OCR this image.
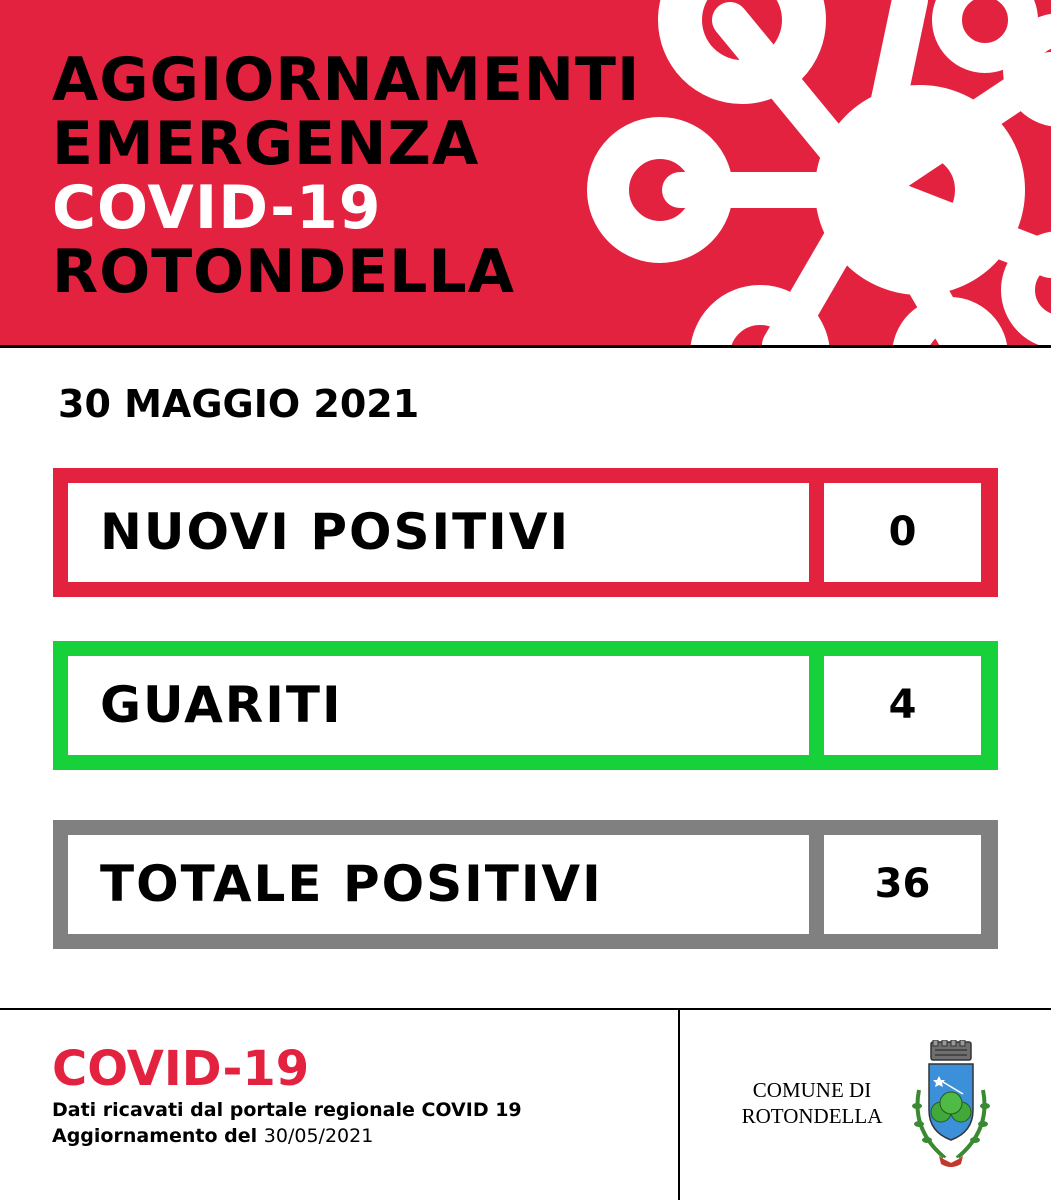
AGGIORNAMENTI
EMERGENZA
COVID-19
ROTONDELLA
30 MAGGIO 2021
NUOVI POSITIVI	0
GUARITI	4
TOTALE POSITIVI	36
COVID-19
Dati ricavati dal portale regionale COVID 19
Aggiornamento del 30/05/2021
COMUNE DI
ROTONDELLA
